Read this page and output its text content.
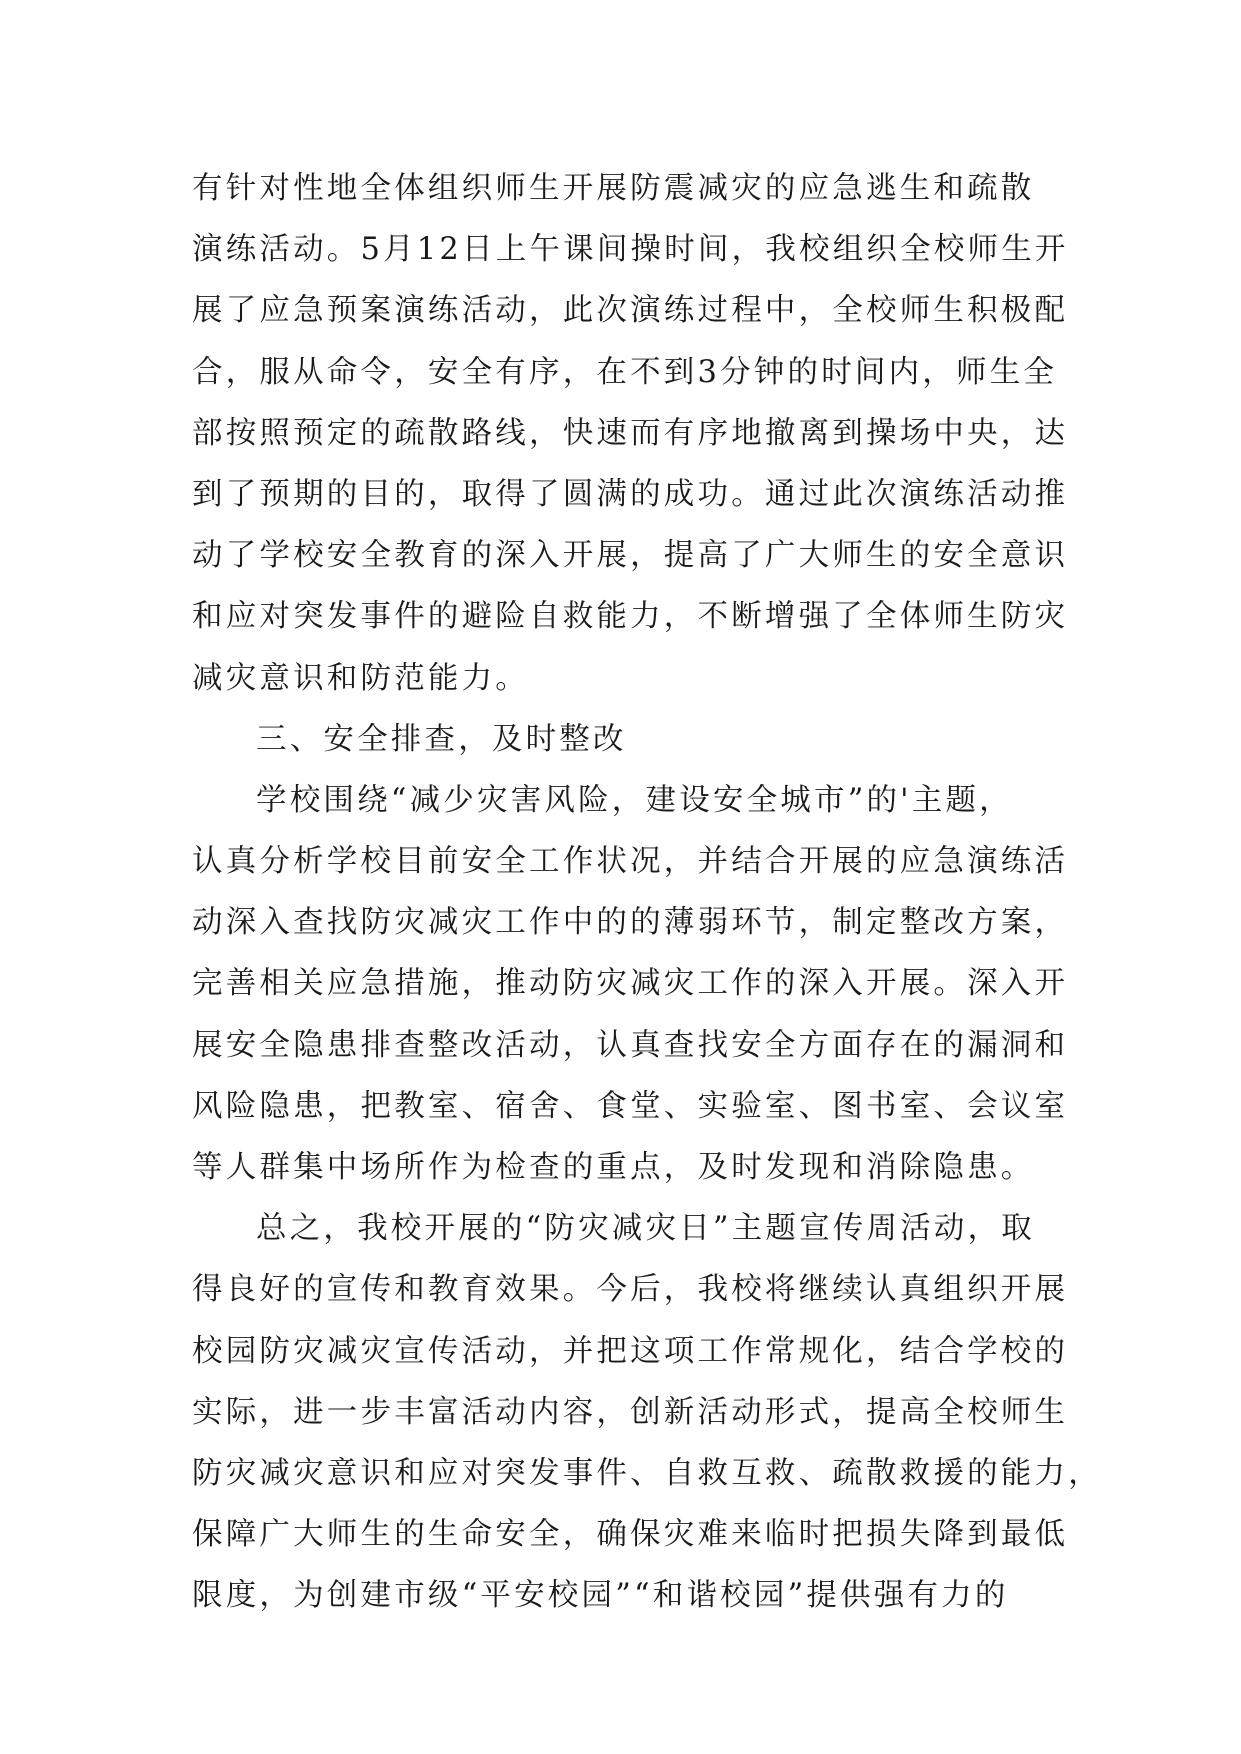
有针对性地全体组织师生开展防震减灾的应急逃生和疏散
演练活动。5月12日上午课间操时间，我校组织全校师生开
展了应急预案演练活动，此次演练过程中，全校师生积极配
合，服从命令，安全有序，在不到3分钟的时间内，师生全
部按照预定的疏散路线，快速而有序地撤离到操场中央，达
到了预期的目的，取得了圆满的成功。通过此次演练活动推
动了学校安全教育的深入开展，提高了广大师生的安全意识
和应对突发事件的避险自救能力，不断增强了全体师生防灾
减灾意识和防范能力。
三、安全排查，及时整改
学校围绕“减少灾害风险，建设安全城市”的'主题，
认真分析学校目前安全工作状况，并结合开展的应急演练活
动深入查找防灾减灾工作中的的薄弱环节，制定整改方案，
完善相关应急措施，推动防灾减灾工作的深入开展。深入开
展安全隐患排查整改活动，认真查找安全方面存在的漏洞和
风险隐患，把教室、宿舍、食堂、实验室、图书室、会议室
等人群集中场所作为检查的重点，及时发现和消除隐患。
总之，我校开展的“防灾减灾日”主题宣传周活动，取
得良好的宣传和教育效果。今后，我校将继续认真组织开展
校园防灾减灾宣传活动，并把这项工作常规化，结合学校的
实际，进一步丰富活动内容，创新活动形式，提高全校师生
防灾减灾意识和应对突发事件、自救互救、疏散救援的能力，
保障广大师生的生命安全，确保灾难来临时把损失降到最低
限度，为创建市级“平安校园”“和谐校园”提供强有力的
